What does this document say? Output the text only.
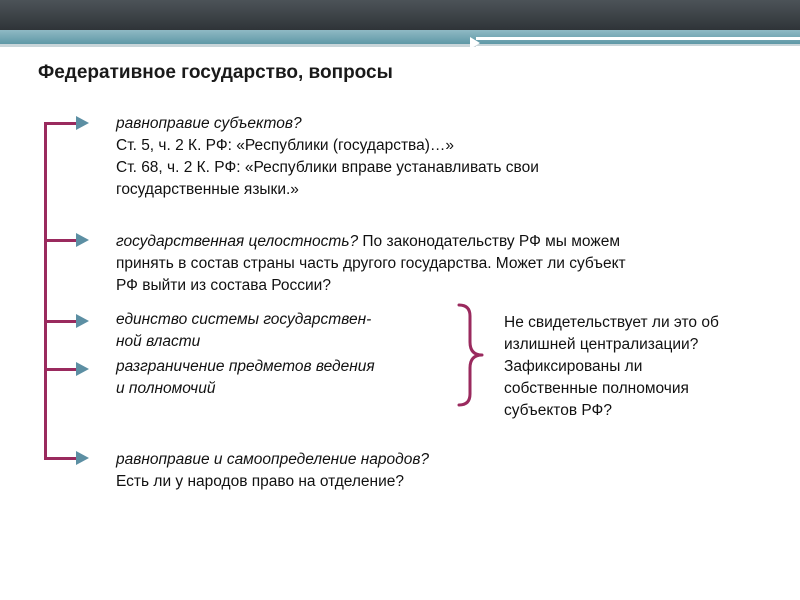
Федеративное государство, вопросы
равноправие субъектов?
Ст. 5, ч. 2 К. РФ: «Республики (государства)…»
Ст. 68, ч. 2 К. РФ: «Республики вправе устанавливать свои
государственные языки.»
государственная целостность? По законодательству РФ мы можем
принять в состав страны часть другого государства. Может ли субъект
РФ выйти из состава России?
единство системы государствен-
ной власти
разграничение предметов ведения
и полномочий
Не свидетельствует ли это об
излишней централизации?
Зафиксированы ли
собственные полномочия
субъектов РФ?
равноправие и самоопределение народов?
Есть ли у народов право на отделение?
